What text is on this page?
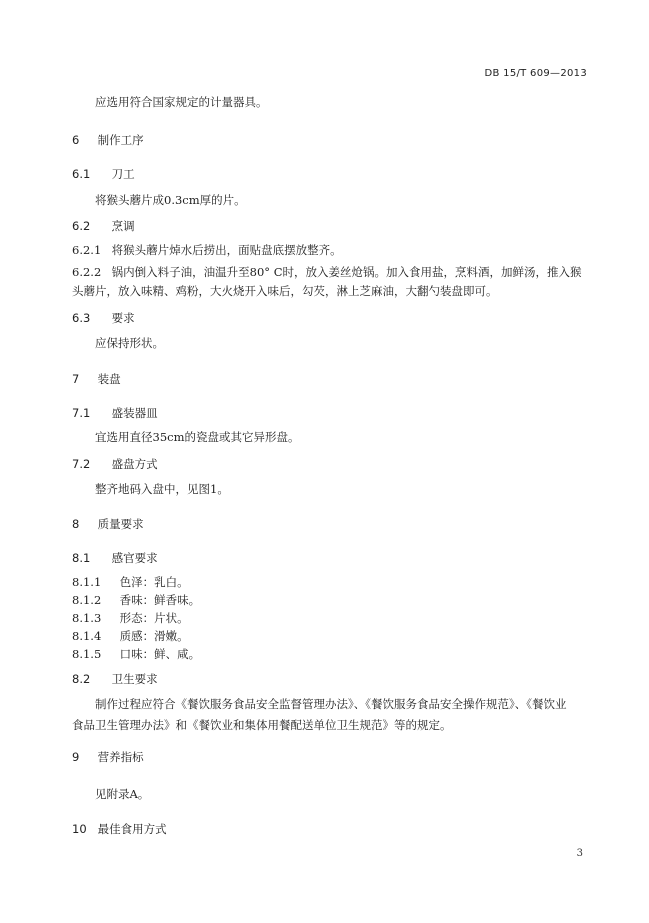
DB 15/T 609—2013
应选用符合国家规定的计量器具。
6 制作工序
6.1 刀工
将猴头蘑片成0.3cm厚的片。
6.2 烹调
6.2.1 将猴头蘑片焯水后捞出，面贴盘底摆放整齐。
6.2.2 锅内倒入料子油，油温升至80° C时，放入姜丝炝锅。加入食用盐，烹料酒，加鲜汤，推入猴
头蘑片，放入味精、鸡粉，大火烧开入味后，勾芡，淋上芝麻油，大翻勺装盘即可。
6.3 要求
应保持形状。
7 装盘
7.1 盛装器皿
宜选用直径35cm的瓷盘或其它异形盘。
7.2 盛盘方式
整齐地码入盘中，见图1。
8 质量要求
8.1 感官要求
8.1.1 色泽：乳白。
8.1.2 香味：鲜香味。
8.1.3 形态：片状。
8.1.4 质感：滑嫩。
8.1.5 口味：鲜、咸。
8.2 卫生要求
制作过程应符合《餐饮服务食品安全监督管理办法》、《餐饮服务食品安全操作规范》、《餐饮业
食品卫生管理办法》和《餐饮业和集体用餐配送单位卫生规范》等的规定。
9 营养指标
见附录A。
10 最佳食用方式
3
